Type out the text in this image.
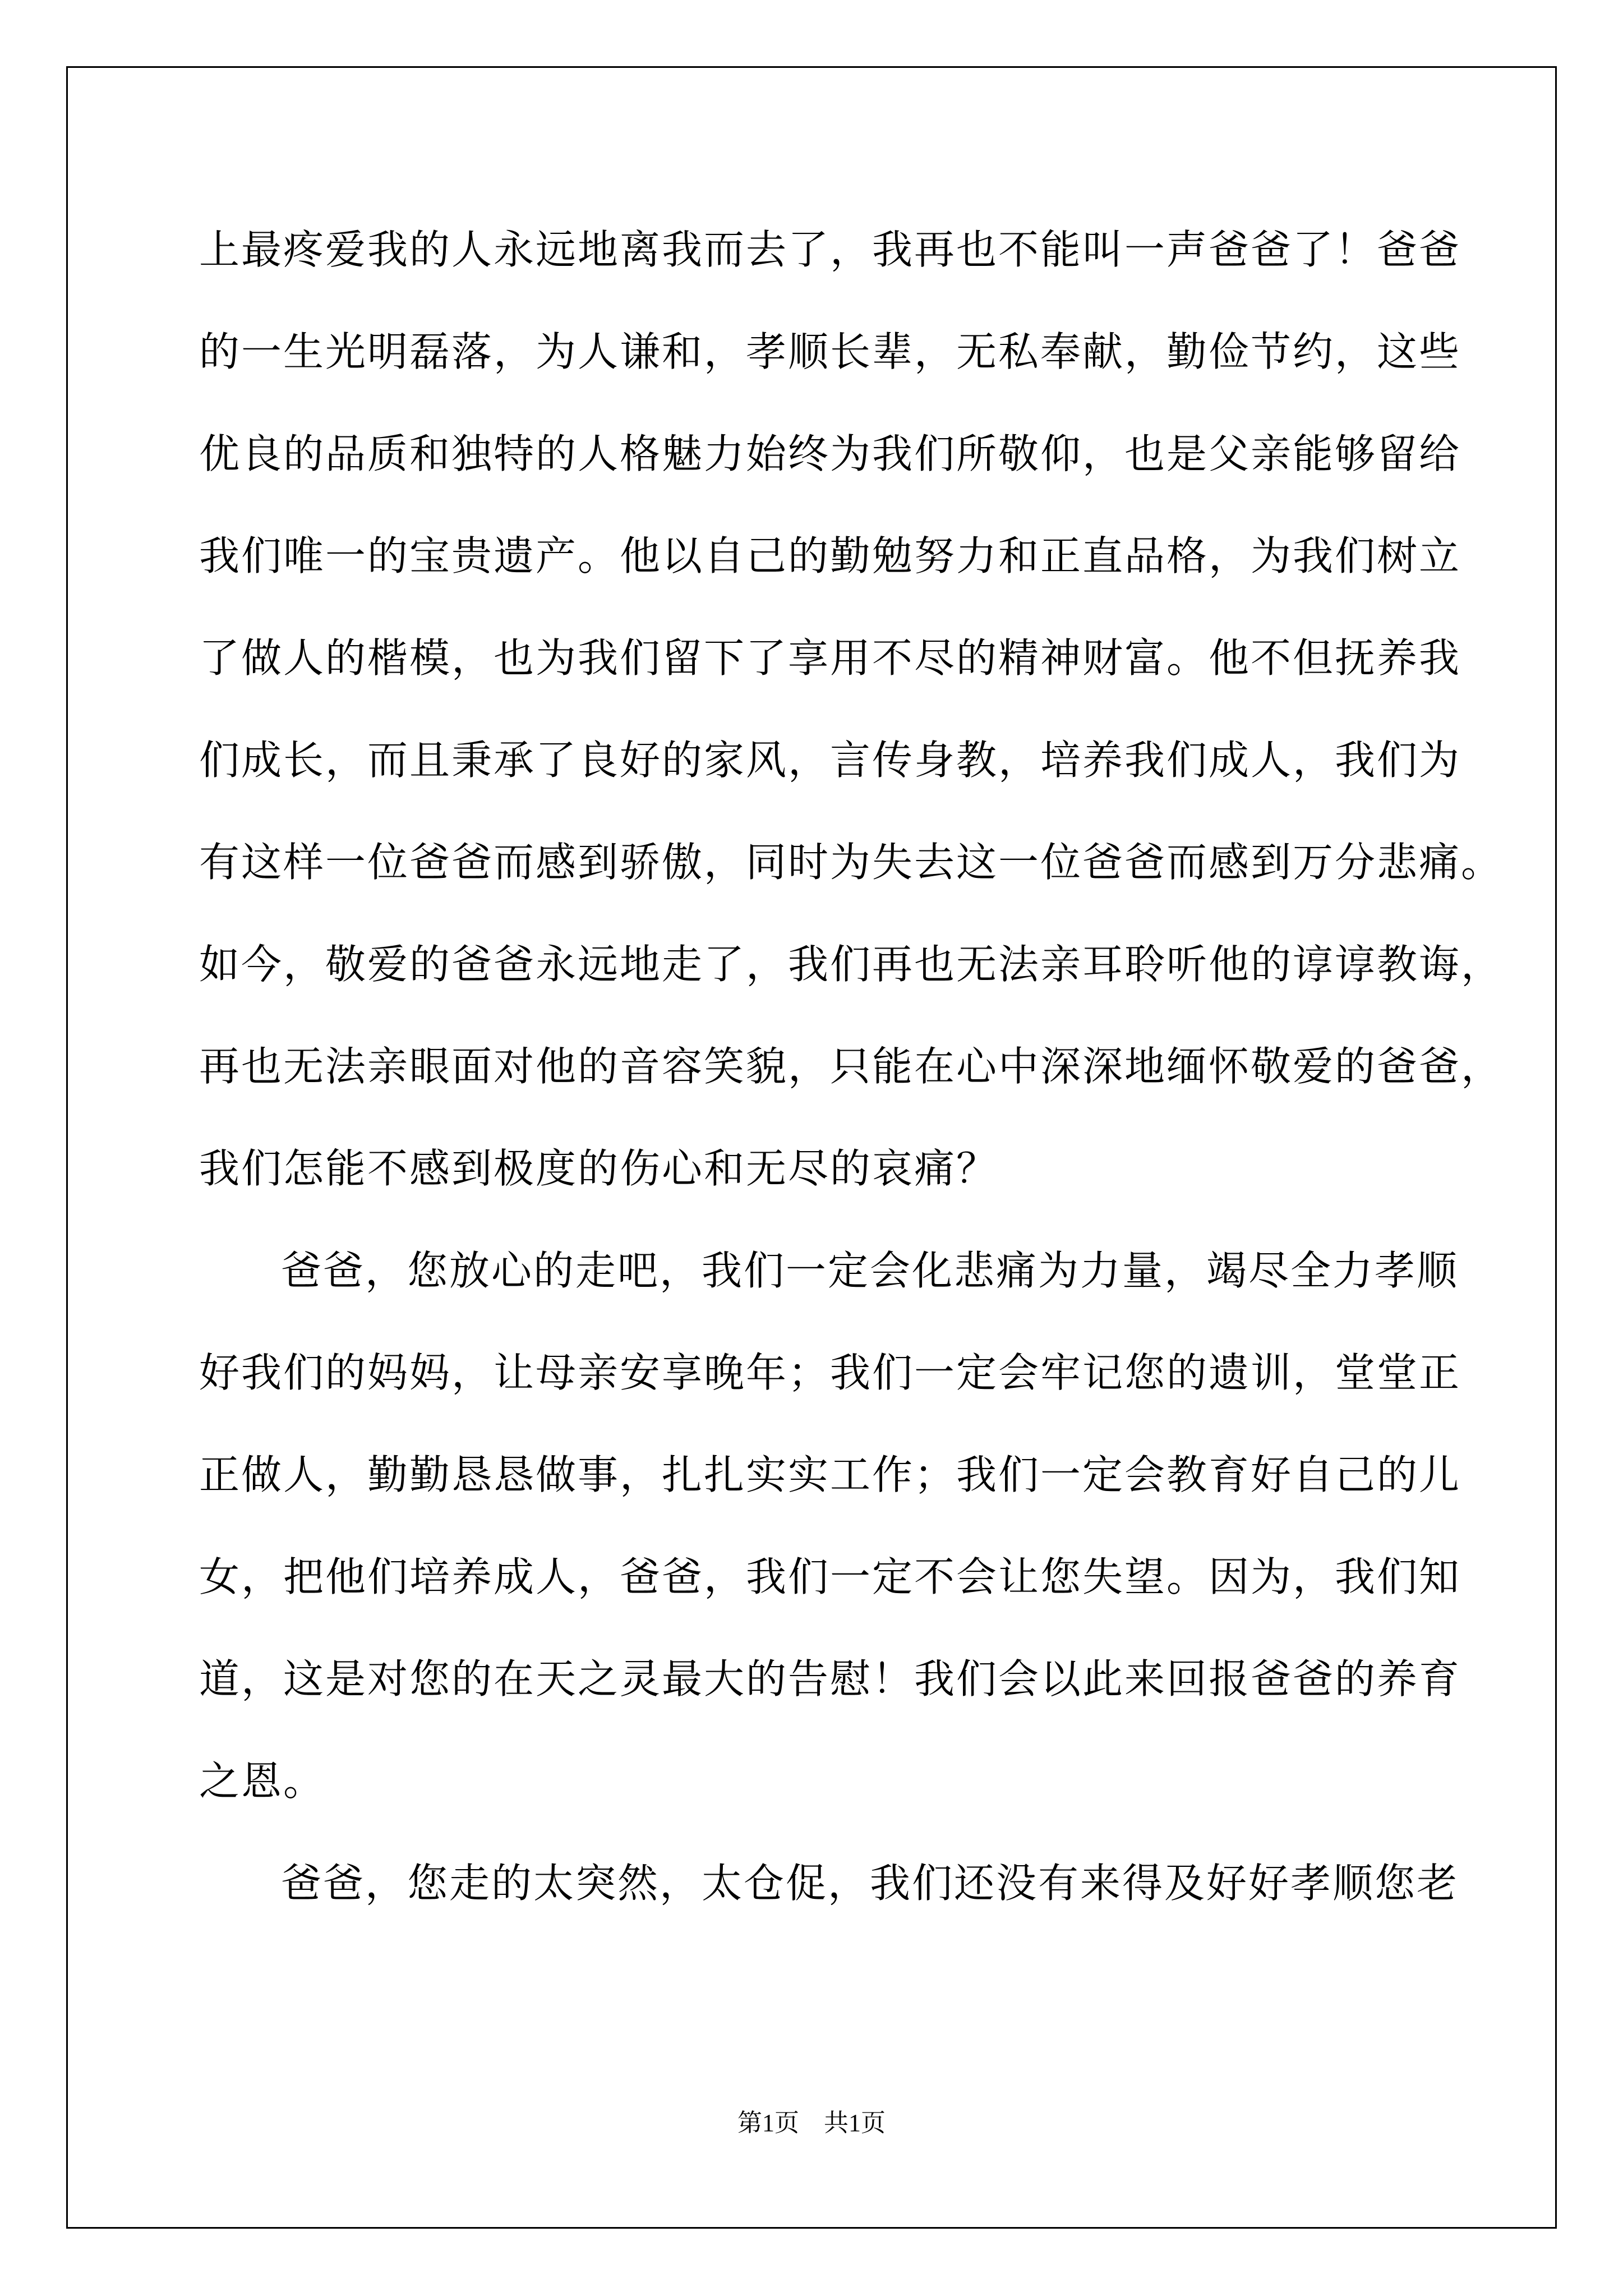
上最疼爱我的人永远地离我而去了，我再也不能叫一声爸爸了！爸爸
的一生光明磊落，为人谦和，孝顺长辈，无私奉献，勤俭节约，这些
优良的品质和独特的人格魅力始终为我们所敬仰，也是父亲能够留给
我们唯一的宝贵遗产。他以自己的勤勉努力和正直品格，为我们树立
了做人的楷模，也为我们留下了享用不尽的精神财富。他不但抚养我
们成长，而且秉承了良好的家风，言传身教，培养我们成人，我们为
有这样一位爸爸而感到骄傲，同时为失去这一位爸爸而感到万分悲痛。
如今，敬爱的爸爸永远地走了，我们再也无法亲耳聆听他的谆谆教诲，
再也无法亲眼面对他的音容笑貌，只能在心中深深地缅怀敬爱的爸爸，
我们怎能不感到极度的伤心和无尽的哀痛？
爸爸，您放心的走吧，我们一定会化悲痛为力量，竭尽全力孝顺
好我们的妈妈，让母亲安享晚年；我们一定会牢记您的遗训，堂堂正
正做人，勤勤恳恳做事，扎扎实实工作；我们一定会教育好自己的儿
女，把他们培养成人，爸爸，我们一定不会让您失望。因为，我们知
道，这是对您的在天之灵最大的告慰！我们会以此来回报爸爸的养育
之恩。
爸爸，您走的太突然，太仓促，我们还没有来得及好好孝顺您老
第1页 共1页
